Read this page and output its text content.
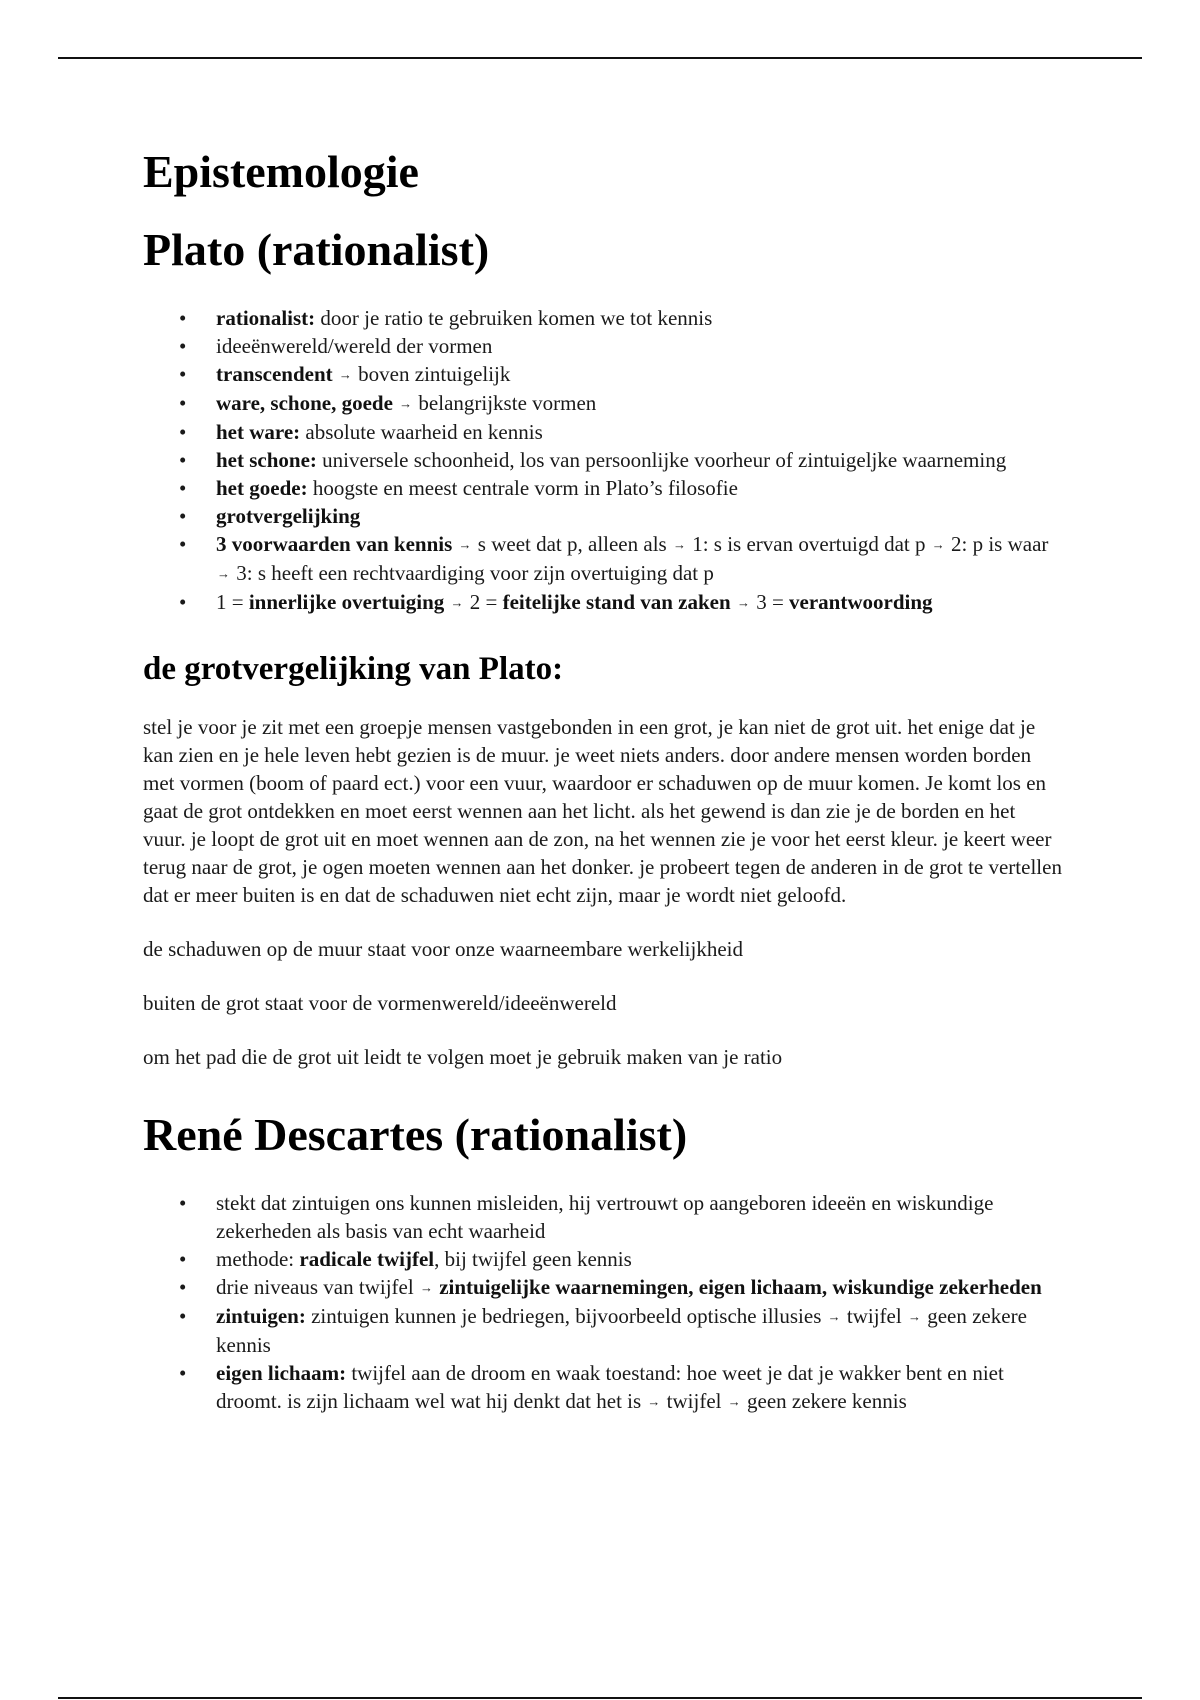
Epistemologie
Plato (rationalist)
• rationalist: door je ratio te gebruiken komen we tot kennis
• ideeënwereld/wereld der vormen
• transcendent → boven zintuigelijk
• ware, schone, goede → belangrijkste vormen
• het ware: absolute waarheid en kennis
• het schone: universele schoonheid, los van persoonlijke voorheur of zintuigeljke waarneming
• het goede: hoogste en meest centrale vorm in Plato’s filosofie
• grotvergelijking
• 3 voorwaarden van kennis → s weet dat p, alleen als → 1: s is ervan overtuigd dat p → 2: p is waar → 3: s heeft een rechtvaardiging voor zijn overtuiging dat p
• 1 = innerlijke overtuiging → 2 = feitelijke stand van zaken → 3 = verantwoording
de grotvergelijking van Plato:

stel je voor je zit met een groepje mensen vastgebonden in een grot, je kan niet de grot uit. het enige dat je kan zien en je hele leven hebt gezien is de muur. je weet niets anders. door andere mensen worden borden met vormen (boom of paard ect.) voor een vuur, waardoor er schaduwen op de muur komen. Je komt los en gaat de grot ontdekken en moet eerst wennen aan het licht. als het gewend is dan zie je de borden en het vuur. je loopt de grot uit en moet wennen aan de zon, na het wennen zie je voor het eerst kleur. je keert weer terug naar de grot, je ogen moeten wennen aan het donker. je probeert tegen de anderen in de grot te vertellen dat er meer buiten is en dat de schaduwen niet echt zijn, maar je wordt niet geloofd.

de schaduwen op de muur staat voor onze waarneembare werkelijkheid

buiten de grot staat voor de vormenwereld/ideeënwereld

om het pad die de grot uit leidt te volgen moet je gebruik maken van je ratio

René Descartes (rationalist)
• stekt dat zintuigen ons kunnen misleiden, hij vertrouwt op aangeboren ideeën en wiskundige zekerheden als basis van echt waarheid
• methode: radicale twijfel, bij twijfel geen kennis
• drie niveaus van twijfel → zintuigelijke waarnemingen, eigen lichaam, wiskundige zekerheden
• zintuigen: zintuigen kunnen je bedriegen, bijvoorbeeld optische illusies → twijfel → geen zekere kennis
• eigen lichaam: twijfel aan de droom en waak toestand: hoe weet je dat je wakker bent en niet droomt. is zijn lichaam wel wat hij denkt dat het is → twijfel → geen zekere kennis
